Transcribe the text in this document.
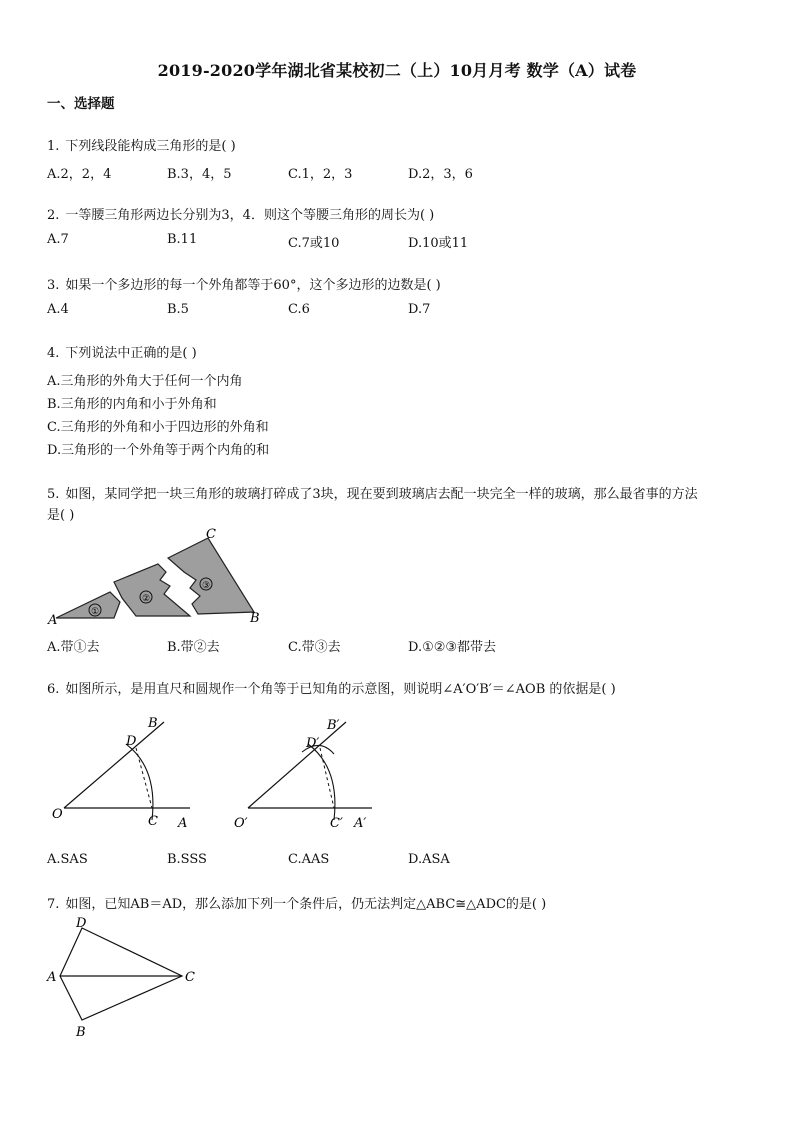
2019-2020学年湖北省某校初二（上）10月月考 数学（A）试卷
一、选择题
1. 下列线段能构成三角形的是( )
A.2，2，4	B.3，4，5	C.1，2，3	D.2，3，6
2. 一等腰三角形两边长分别为3，4．则这个等腰三角形的周长为( )
A.7	B.11	C.7或10	D.10或11
3. 如果一个多边形的每一个外角都等于60°，这个多边形的边数是( )
A.4	B.5	C.6	D.7
4. 下列说法中正确的是( )
A.三角形的外角大于任何一个内角
B.三角形的内角和小于外角和
C.三角形的外角和小于四边形的外角和
D.三角形的一个外角等于两个内角的和
5. 如图，某同学把一块三角形的玻璃打碎成了3块，现在要到玻璃店去配一块完全一样的玻璃，那么最省事的方法
是( )
①
②
③
A	B
C
A.带①去	B.带②去	C.带③去	D.①②③都带去
6. 如图所示，是用直尺和圆规作一个角等于已知角的示意图，则说明∠A′O′B′＝∠AOB 的依据是( )
O
A
B
C
D
O′	A′
B′
C′
D′
A.SAS	B.SSS	C.AAS	D.ASA
7. 如图，已知AB＝AD，那么添加下列一个条件后，仍无法判定△ABC≅△ADC的是( )
D
A	C
B
